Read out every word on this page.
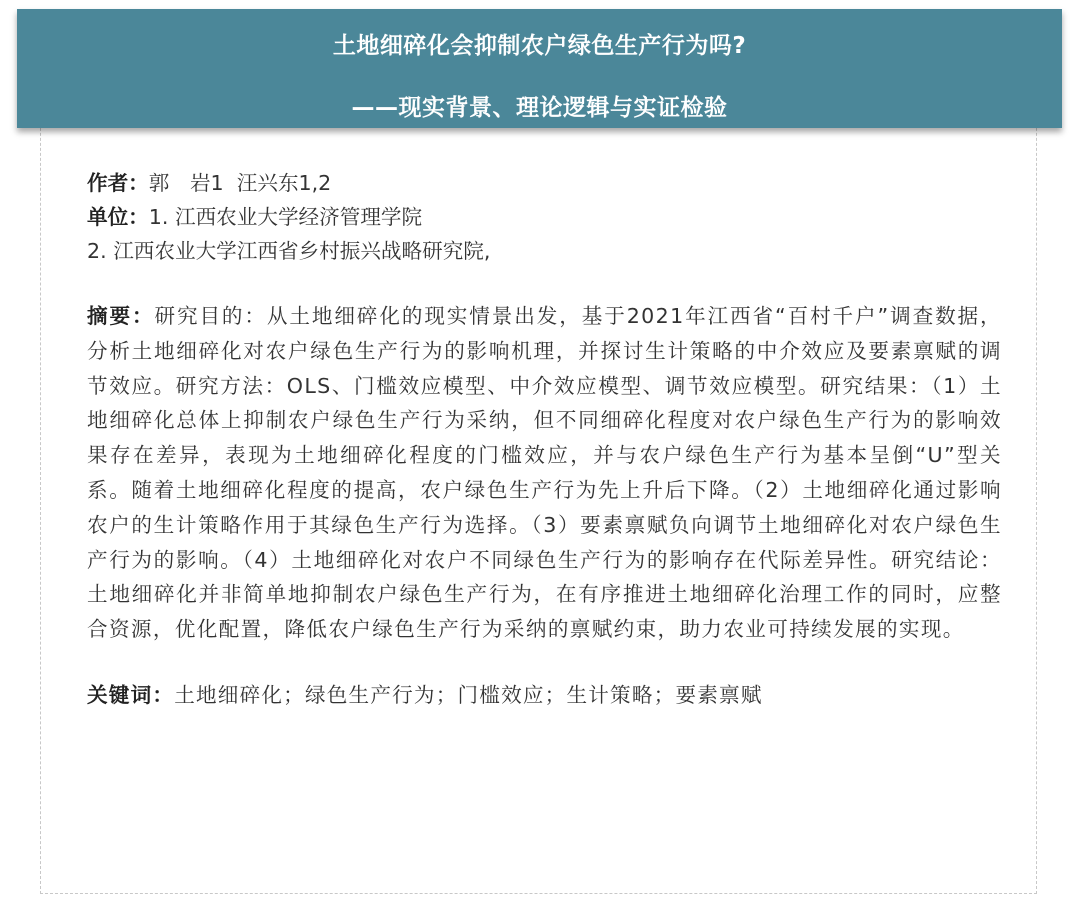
土地细碎化会抑制农户绿色生产行为吗?
——现实背景、理论逻辑与实证检验

作者：郭　岩1  汪兴东1,2

单位：1. 江西农业大学经济管理学院

2. 江西农业大学江西省乡村振兴战略研究院,

摘要：研究目的：从土地细碎化的现实情景出发，基于2021年江西省“百村千户”调查数据，分析土地细碎化对农户绿色生产行为的影响机理，并探讨生计策略的中介效应及要素禀赋的调节效应。研究方法：OLS、门槛效应模型、中介效应模型、调节效应模型。研究结果：（1）土地细碎化总体上抑制农户绿色生产行为采纳，但不同细碎化程度对农户绿色生产行为的影响效果存在差异，表现为土地细碎化程度的门槛效应，并与农户绿色生产行为基本呈倒“U”型关系。随着土地细碎化程度的提高，农户绿色生产行为先上升后下降。（2）土地细碎化通过影响农户的生计策略作用于其绿色生产行为选择。（3）要素禀赋负向调节土地细碎化对农户绿色生产行为的影响。（4）土地细碎化对农户不同绿色生产行为的影响存在代际差异性。研究结论：土地细碎化并非简单地抑制农户绿色生产行为，在有序推进土地细碎化治理工作的同时，应整合资源，优化配置，降低农户绿色生产行为采纳的禀赋约束，助力农业可持续发展的实现。

关键词：土地细碎化；绿色生产行为；门槛效应；生计策略；要素禀赋
